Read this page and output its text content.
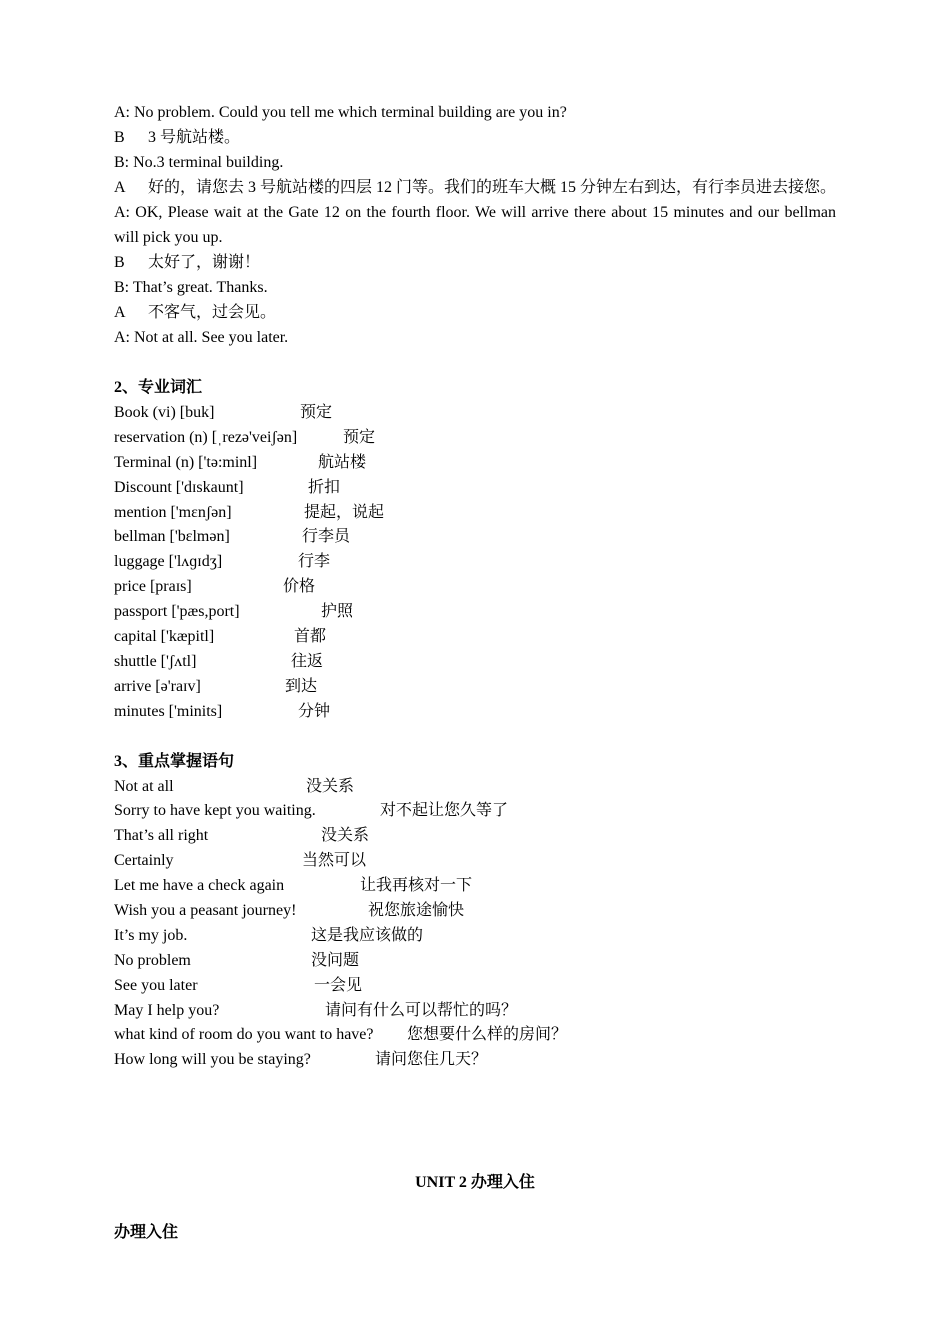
A: No problem. Could you tell me which terminal building are you in?
B 3 号航站楼。
B: No.3 terminal building.
A 好的，请您去 3 号航站楼的四层 12 门等。我们的班车大概 15 分钟左右到达，有行李员进去接您。
A: OK, Please wait at the Gate 12 on the fourth floor. We will arrive there about 15 minutes and our bellman will pick you up.
B 太好了，谢谢！
B: That’s great. Thanks.
A 不客气，过会见。
A: Not at all. See you later.
2、专业词汇
Book (vi) [buk]	预定
reservation (n) [ˌrezə'veiʃən]	预定
Terminal (n) ['tə:minl]	航站楼
Discount ['dɪskaunt]	折扣
mention ['mɛnʃən]	提起，说起
bellman ['bɛlmən]	行李员
luggage ['lʌɡɪdʒ]	行李
price [praɪs]	价格
passport ['pæs,port]	护照
capital ['kæpitl]	首都
shuttle ['ʃʌtl]	往返
arrive [ə'raɪv]	到达
minutes ['minits]	分钟
3、重点掌握语句
Not at all	没关系
Sorry to have kept you waiting.	对不起让您久等了
That’s all right	没关系
Certainly	当然可以
Let me have a check again	让我再核对一下
Wish you a peasant journey!	祝您旅途愉快
It’s my job.	这是我应该做的
No problem	没问题
See you later	一会见
May I help you?	请问有什么可以帮忙的吗？
what kind of room do you want to have? 您想要什么样的房间？
How long will you be staying?	请问您住几天？
UNIT 2 办理入住
办理入住
